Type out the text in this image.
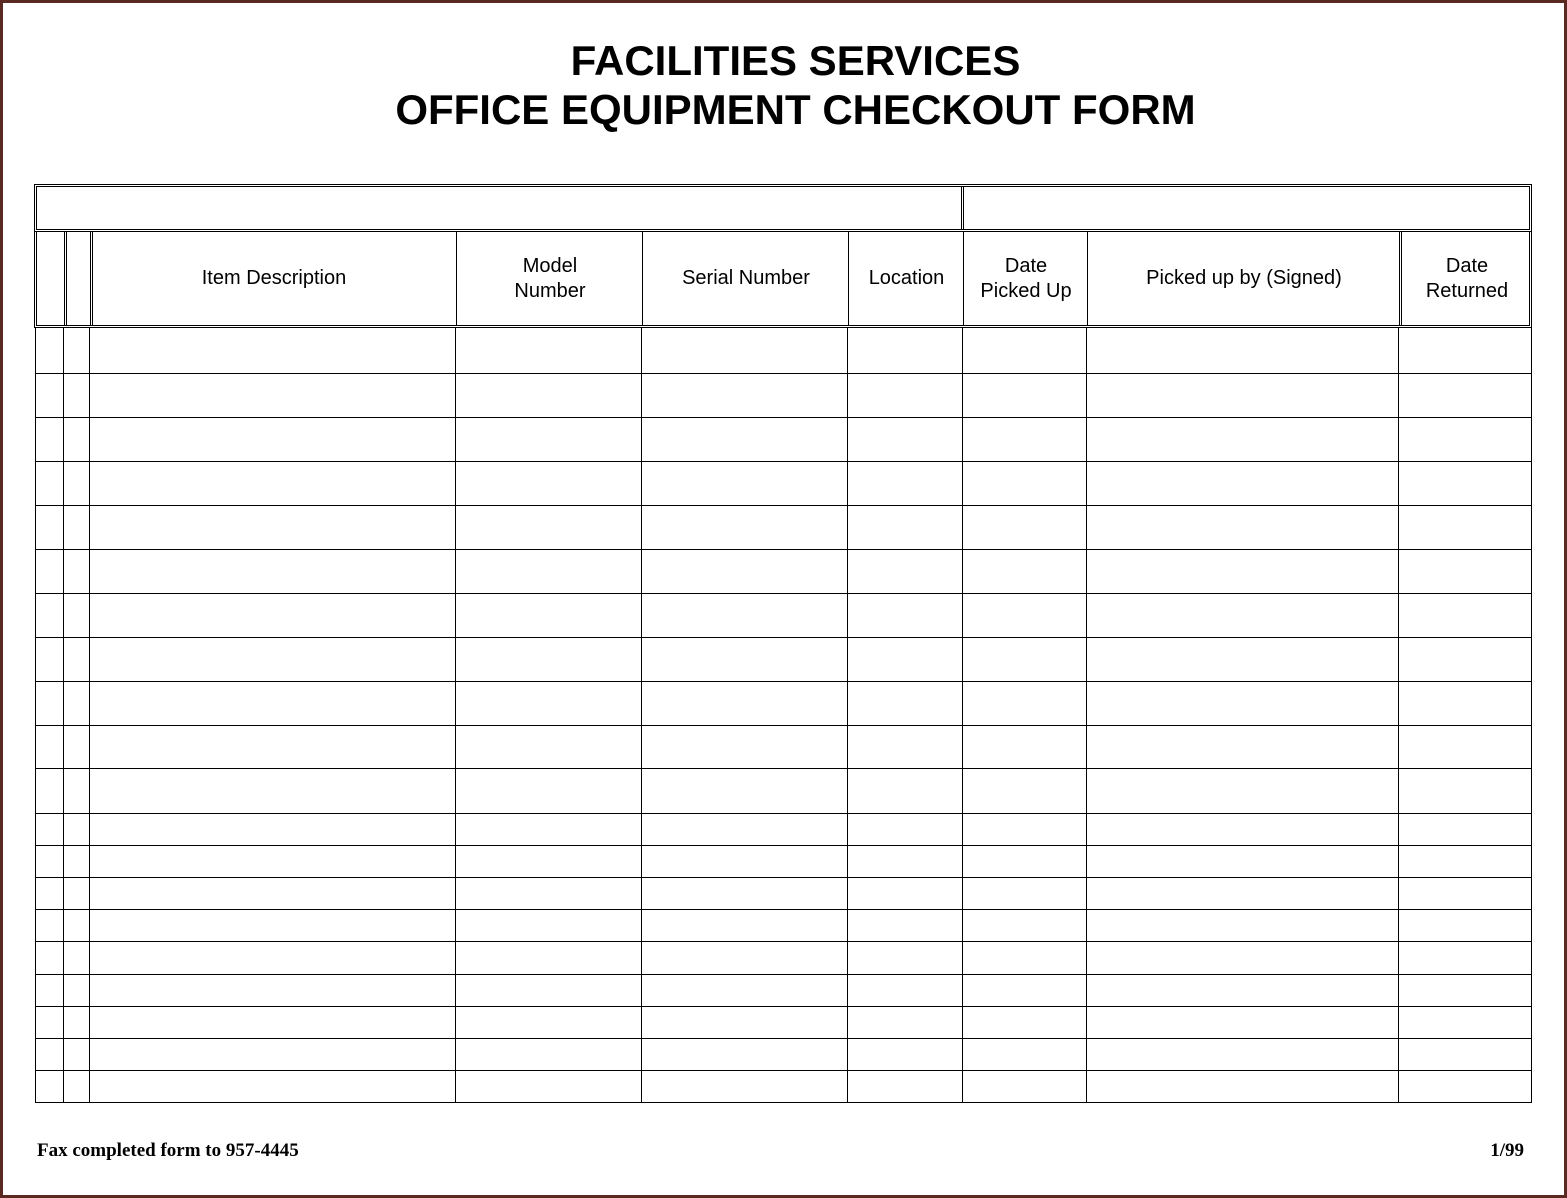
FACILITIES SERVICES
OFFICE EQUIPMENT CHECKOUT FORM
Item Description
Model
Number
Serial Number	Location
Date
Picked Up
Picked up by (Signed)
Date
Returned
Fax completed form to 957-4445	1/99
